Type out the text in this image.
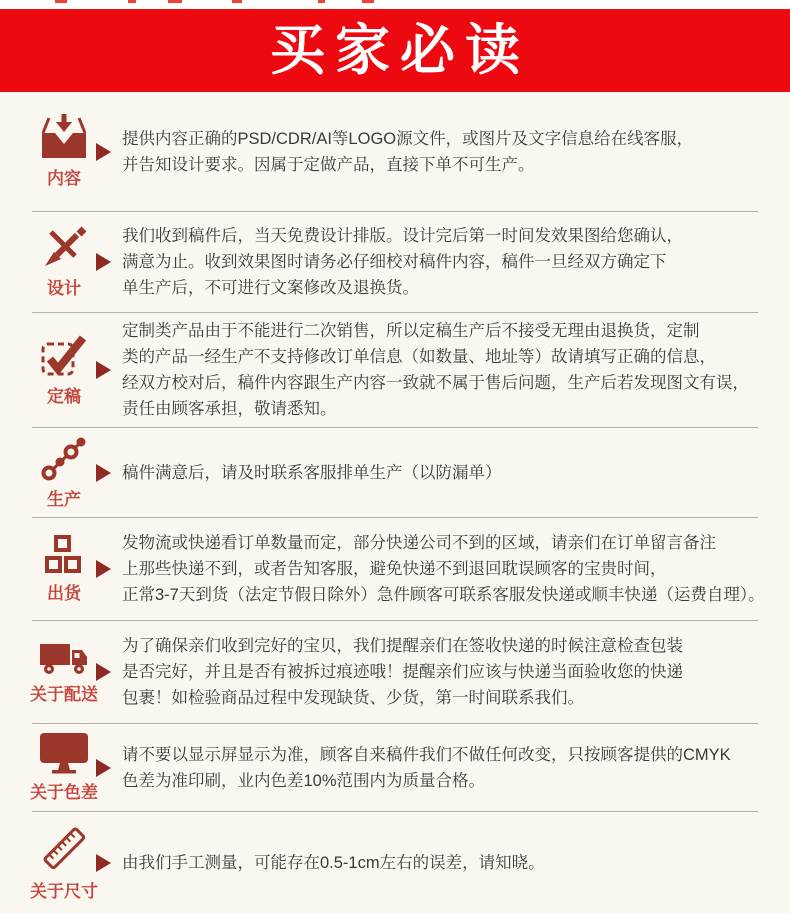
买家必读
内容
提供内容正确的PSD/CDR/AI等LOGO源文件，或图片及文字信息给在线客服，
并告知设计要求。因属于定做产品，直接下单不可生产。
设计
我们收到稿件后，当天免费设计排版。设计完后第一时间发效果图给您确认，
满意为止。收到效果图时请务必仔细校对稿件内容，稿件一旦经双方确定下
单生产后，不可进行文案修改及退换货。
定稿
定制类产品由于不能进行二次销售，所以定稿生产后不接受无理由退换货，定制
类的产品一经生产不支持修改订单信息（如数量、地址等）故请填写正确的信息，
经双方校对后，稿件内容跟生产内容一致就不属于售后问题，生产后若发现图文有误，
责任由顾客承担，敬请悉知。
生产
稿件满意后，请及时联系客服排单生产（以防漏单）
出货
发物流或快递看订单数量而定，部分快递公司不到的区域，请亲们在订单留言备注
上那些快递不到，或者告知客服，避免快递不到退回耽误顾客的宝贵时间，
正常3-7天到货（法定节假日除外）急件顾客可联系客服发快递或顺丰快递（运费自理）。
关于配送
为了确保亲们收到完好的宝贝，我们提醒亲们在签收快递的时候注意检查包装
是否完好，并且是否有被拆过痕迹哦！提醒亲们应该与快递当面验收您的快递
包裹！如检验商品过程中发现缺货、少货，第一时间联系我们。
关于色差
请不要以显示屏显示为准，顾客自来稿件我们不做任何改变，只按顾客提供的CMYK
色差为准印刷，业内色差10%范围内为质量合格。
关于尺寸
由我们手工测量，可能存在0.5-1cm左右的误差，请知晓。
